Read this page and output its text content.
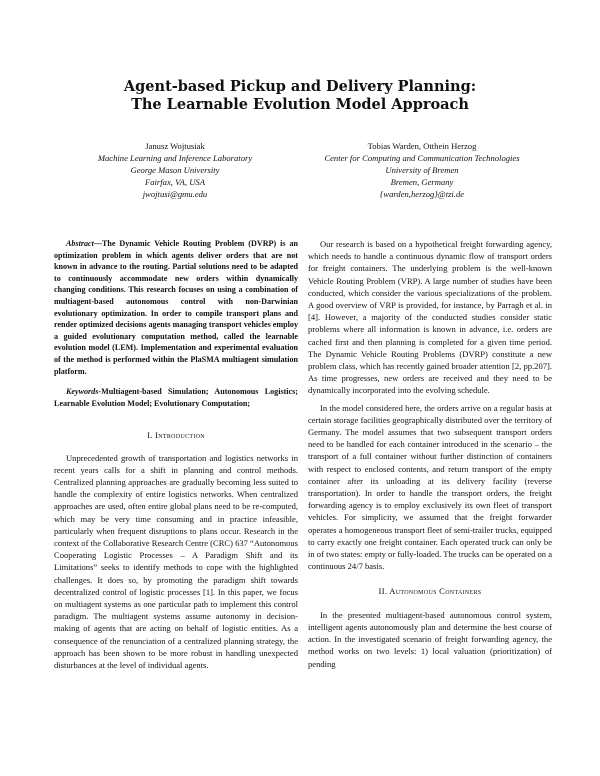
Agent-based Pickup and Delivery Planning:
The Learnable Evolution Model Approach
Janusz Wojtusiak
Machine Learning and Inference Laboratory
George Mason University
Fairfax, VA, USA
jwojtusi@gmu.edu
Tobias Warden, Otthein Herzog
Center for Computing and Communication Technologies
University of Bremen
Bremen, Germany
{warden,herzog}@tzi.de

Abstract—The Dynamic Vehicle Routing Problem (DVRP) is an optimization problem in which agents deliver orders that are not known in advance to the routing. Partial solutions need to be adapted to continuously accommodate new orders within dynamically changing conditions. This research focuses on using a combination of multiagent-based autonomous control with non-Darwinian evolutionary optimization. In order to compile transport plans and render optimized decisions agents managing transport vehicles employ a guided evolutionary computation method, called the learnable evolution model (LEM). Implementation and experimental evaluation of the method is performed within the PlaSMA multiagent simulation platform.

Keywords-Multiagent-based Simulation; Autonomous Logistics; Learnable Evolution Model; Evolutionary Computation;

I. Introduction

Unprecedented growth of transportation and logistics networks in recent years calls for a shift in planning and control methods. Centralized planning approaches are gradually becoming less suited to handle the complexity of entire logistics networks. When centralized approaches are used, often entire global plans need to be re-computed, which may be very time consuming and in practice infeasible, particularly when frequent disruptions to plans occur. Research in the context of the Collaborative Research Centre (CRC) 637 “Autonomous Cooperating Logistic Processes – A Paradigm Shift and its Limitations” seeks to identify methods to cope with the highlighted challenges. It does so, by promoting the paradigm shift towards decentralized control of logistic processes [1]. In this paper, we focus on multiagent systems as one particular path to implement this control paradigm. The multiagent systems assume autonomy in decision-making of agents that are acting on behalf of logistic entities. As a consequence of the renunciation of a centralized planning strategy, the approach has been shown to be more robust in handling unexpected disturbances at the level of individual agents.

Our research is based on a hypothetical freight forwarding agency, which needs to handle a continuous dynamic flow of transport orders for freight containers. The underlying problem is the well-known Vehicle Routing Problem (VRP). A large number of studies have been conducted, which consider the various specializations of the problem. A good overview of VRP is provided, for instance, by Parragh et al. in [4]. However, a majority of the conducted studies consider static problems where all information is known in advance, i.e. orders are cached first and then planning is completed for a given time period. The Dynamic Vehicle Routing Problems (DVRP) constitute a new problem class, which has recently gained broader attention [2, pp.207]. As time progresses, new orders are received and they need to be dynamically incorporated into the evolving schedule.

In the model considered here, the orders arrive on a regular basis at certain storage facilities geographically distributed over the territory of Germany. The model assumes that two subsequent transport orders need to be handled for each container introduced in the scenario – the transport of a full container without further distinction of containers with respect to enclosed contents, and return transport of the empty container after its unloading at its delivery facility (reverse transportation). In order to handle the transport orders, the freight forwarding agency is to employ exclusively its own fleet of transport vehicles. For simplicity, we assumed that the freight forwarder operates a homogeneous transport fleet of semi-trailer trucks, equipped to carry exactly one freight container. Each operated truck can only be in of two states: empty or fully-loaded. The trucks can be operated on a continuous 24/7 basis.

II. Autonomous Containers

In the presented multiagent-based autonomous control system, intelligent agents autonomously plan and determine the best course of action. In the investigated scenario of freight forwarding agency, the method works on two levels: 1) local valuation (prioritization) of pending
